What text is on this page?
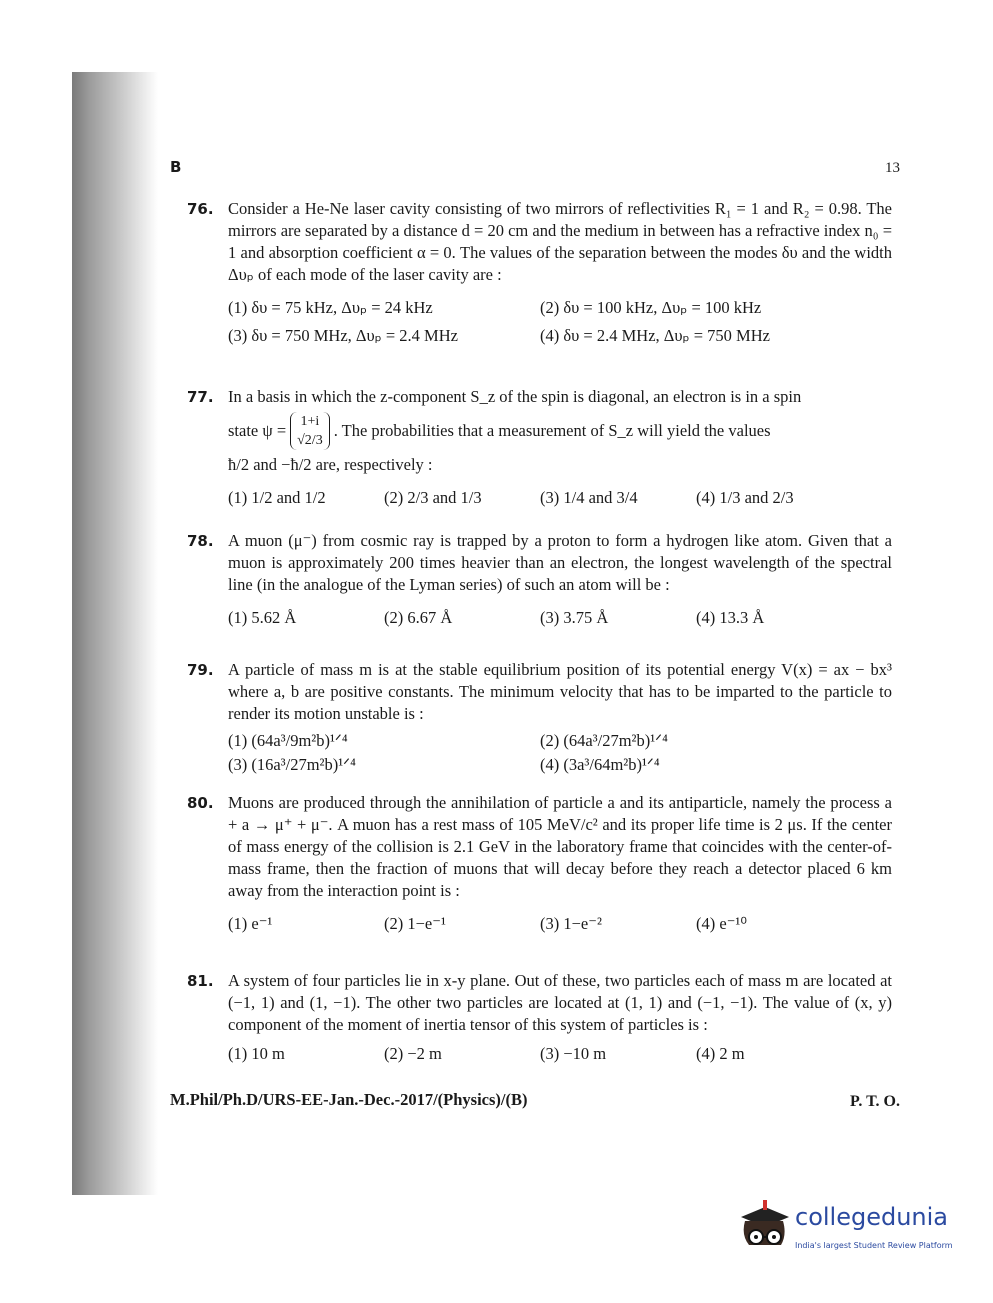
B	13
76. Consider a He-Ne laser cavity consisting of two mirrors of reflectivities R₁ = 1 and R₂ = 0.98. The mirrors are separated by a distance d = 20 cm and the medium in between has a refractive index n₀ = 1 and absorption coefficient α = 0. The values of the separation between the modes δυ and the width Δυₚ of each mode of the laser cavity are :
(1) δυ = 75 kHz, Δυₚ = 24 kHz	(2) δυ = 100 kHz, Δυₚ = 100 kHz
(3) δυ = 750 MHz, Δυₚ = 2.4 MHz	(4) δυ = 2.4 MHz, Δυₚ = 750 MHz
77. In a basis in which the z-component S_z of the spin is diagonal, an electron is in a spin
state ψ = 1+i
√2/3
. The probabilities that a measurement of S_z will yield the values
ħ/2 and −ħ/2 are, respectively :
(1) 1/2 and 1/2	(2) 2/3 and 1/3	(3) 1/4 and 3/4	(4) 1/3 and 2/3
78. A muon (μ⁻) from cosmic ray is trapped by a proton to form a hydrogen like atom. Given that a muon is approximately 200 times heavier than an electron, the longest wavelength of the spectral line (in the analogue of the Lyman series) of such an atom will be :
(1) 5.62 Å	(2) 6.67 Å	(3) 3.75 Å	(4) 13.3 Å
79. A particle of mass m is at the stable equilibrium position of its potential energy V(x) = ax − bx³ where a, b are positive constants. The minimum velocity that has to be imparted to the particle to render its motion unstable is :
(1) (64a³/9m²b)¹ᐟ⁴	(2) (64a³/27m²b)¹ᐟ⁴
(3) (16a³/27m²b)¹ᐟ⁴	(4) (3a³/64m²b)¹ᐟ⁴
80. Muons are produced through the annihilation of particle a and its antiparticle, namely the process a + a → μ⁺ + μ⁻. A muon has a rest mass of 105 MeV/c² and its proper life time is 2 μs. If the center of mass energy of the collision is 2.1 GeV in the laboratory frame that coincides with the center-of-mass frame, then the fraction of muons that will decay before they reach a detector placed 6 km away from the interaction point is :
(1) e⁻¹	(2) 1−e⁻¹	(3) 1−e⁻²	(4) e⁻¹⁰
81. A system of four particles lie in x-y plane. Out of these, two particles each of mass m are located at (−1, 1) and (1, −1). The other two particles are located at (1, 1) and (−1, −1). The value of (x, y) component of the moment of inertia tensor of this system of particles is :
(1) 10 m	(2) −2 m	(3) −10 m	(4) 2 m
M.Phil/Ph.D/URS-EE-Jan.-Dec.-2017/(Physics)/(B)	P. T. O.
collegedunia
India's largest Student Review Platform
